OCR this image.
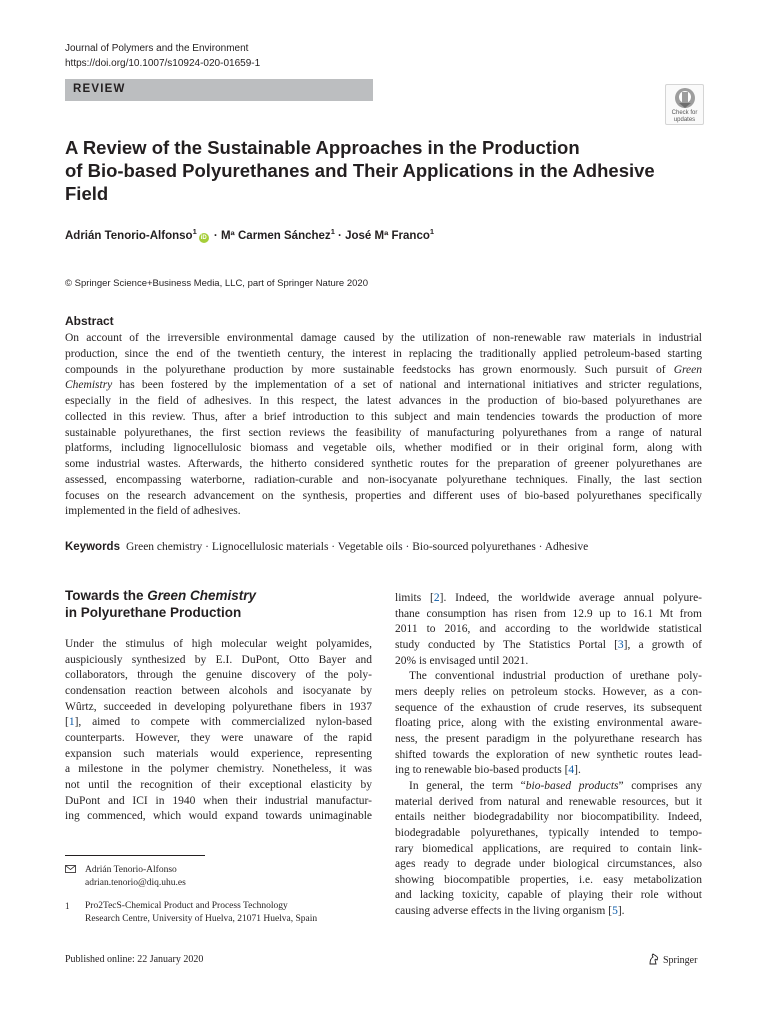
Journal of Polymers and the Environment
https://doi.org/10.1007/s10924-020-01659-1
REVIEW
Check for
updates
A Review of the Sustainable Approaches in the Production
of Bio-based Polyurethanes and Their Applications in the Adhesive
Field
Adrián Tenorio-Alfonso$^1$iD · Mª Carmen Sánchez$^1$ · José Mª Franco$^1$
© Springer Science+Business Media, LLC, part of Springer Nature 2020
Abstract
On account of the irreversible environmental damage caused by the utilization of non-renewable raw materials in industrial
production, since the end of the twentieth century, the interest in replacing the traditionally applied petroleum-based starting
compounds in the polyurethane production by more sustainable feedstocks has grown enormously. Such pursuit of Green
Chemistry has been fostered by the implementation of a set of national and international initiatives and stricter regulations,
especially in the field of adhesives. In this respect, the latest advances in the production of bio-based polyurethanes are
collected in this review. Thus, after a brief introduction to this subject and main tendencies towards the production of more
sustainable polyurethanes, the first section reviews the feasibility of manufacturing polyurethanes from a range of natural
platforms, including lignocellulosic biomass and vegetable oils, whether modified or in their original form, along with
some industrial wastes. Afterwards, the hitherto considered synthetic routes for the preparation of greener polyurethanes are
assessed, encompassing waterborne, radiation-curable and non-isocyanate polyurethane techniques. Finally, the last section
focuses on the research advancement on the synthesis, properties and different uses of bio-based polyurethanes specifically
implemented in the field of adhesives.
Keywords Green chemistry · Lignocellulosic materials · Vegetable oils · Bio-sourced polyurethanes · Adhesive
Towards the Green Chemistry
in Polyurethane Production
Under the stimulus of high molecular weight polyamides,
auspiciously synthesized by E.I. DuPont, Otto Bayer and
collaborators, through the genuine discovery of the poly-
condensation reaction between alcohols and isocyanate by
Wûrtz, succeeded in developing polyurethane fibers in 1937
[1], aimed to compete with commercialized nylon-based
counterparts. However, they were unaware of the rapid
expansion such materials would experience, representing
a milestone in the polymer chemistry. Nonetheless, it was
not until the recognition of their exceptional elasticity by
DuPont and ICI in 1940 when their industrial manufactur-
ing commenced, which would expand towards unimaginable
limits [2]. Indeed, the worldwide average annual polyure-
thane consumption has risen from 12.9 up to 16.1 Mt from
2011 to 2016, and according to the worldwide statistical
study conducted by The Statistics Portal [3], a growth of
20% is envisaged until 2021.
The conventional industrial production of urethane poly-
mers deeply relies on petroleum stocks. However, as a con-
sequence of the exhaustion of crude reserves, its subsequent
floating price, along with the existing environmental aware-
ness, the present paradigm in the polyurethane research has
shifted towards the exploration of new synthetic routes lead-
ing to renewable bio-based products [4].
In general, the term “bio-based products” comprises any
material derived from natural and renewable resources, but it
entails neither biodegradability nor biocompatibility. Indeed,
biodegradable polyurethanes, typically intended to tempo-
rary biomedical applications, are required to contain link-
ages ready to degrade under biological circumstances, also
showing biocompatible properties, i.e. easy metabolization
and lacking toxicity, capable of playing their role without
causing adverse effects in the living organism [5].
Adrián Tenorio-Alfonso
adrian.tenorio@diq.uhu.es
1 Pro2TecS-Chemical Product and Process Technology
Research Centre, University of Huelva, 21071 Huelva, Spain
Published online: 22 January 2020	Springer
